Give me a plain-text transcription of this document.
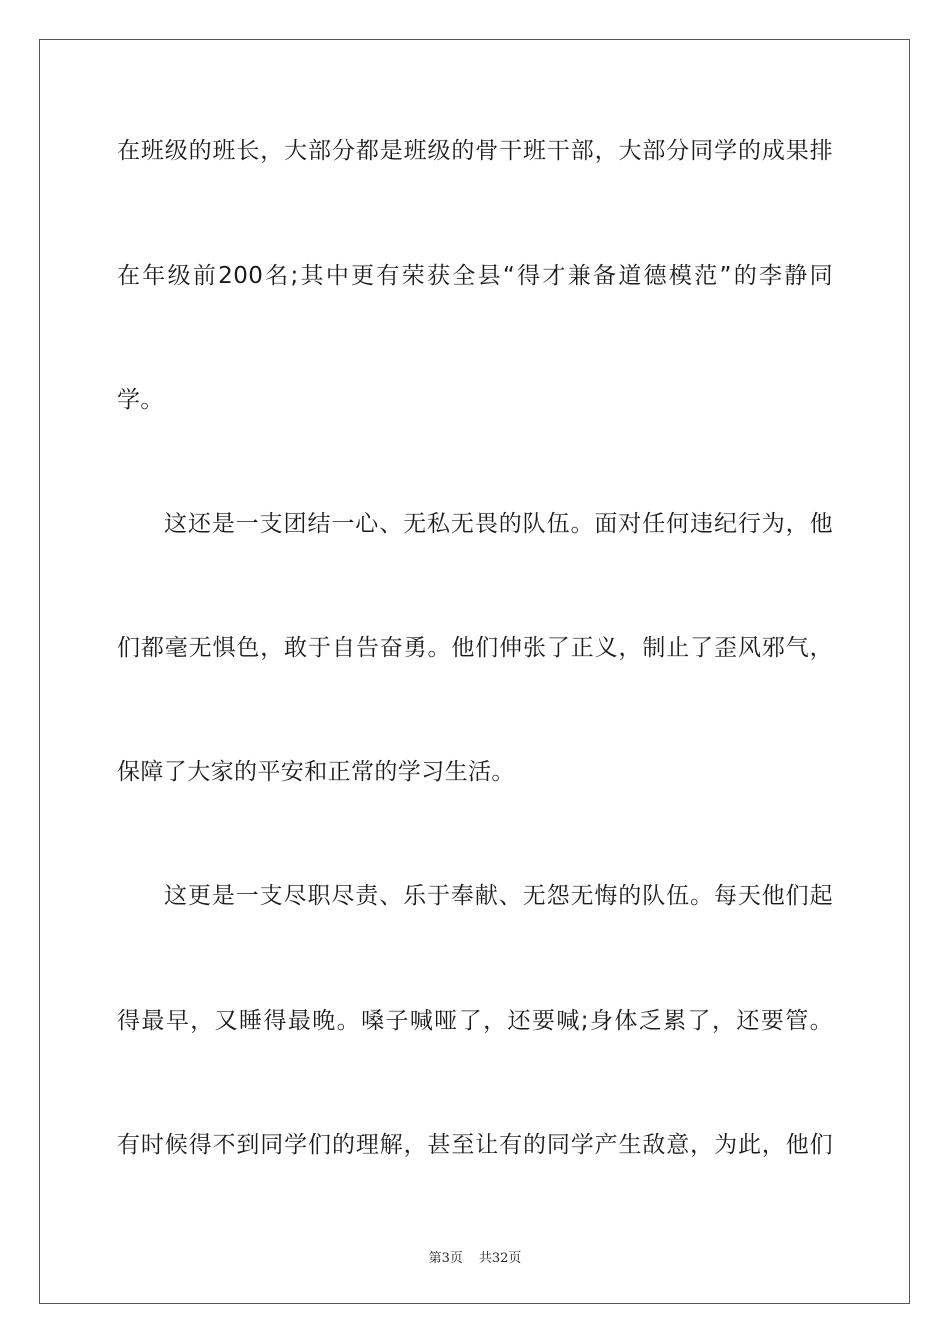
在班级的班长，大部分都是班级的骨干班干部，大部分同学的成果排
在年级前200名;其中更有荣获全县“得才兼备道德模范”的李静同
学。
这还是一支团结一心、无私无畏的队伍。面对任何违纪行为，他
们都毫无惧色，敢于自告奋勇。他们伸张了正义，制止了歪风邪气，
保障了大家的平安和正常的学习生活。
这更是一支尽职尽责、乐于奉献、无怨无悔的队伍。每天他们起
得最早，又睡得最晚。嗓子喊哑了，还要喊;身体乏累了，还要管。
有时候得不到同学们的理解，甚至让有的同学产生敌意，为此，他们
第3页 共32页
